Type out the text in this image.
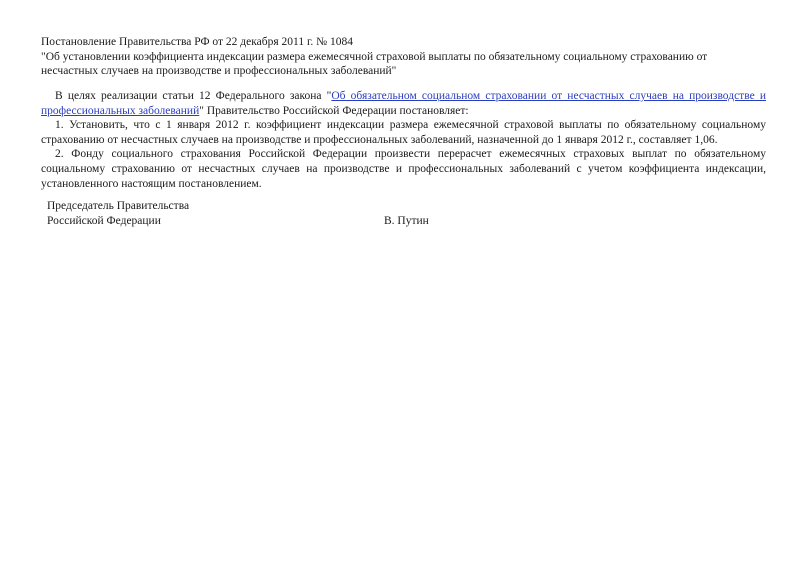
Постановление Правительства РФ от 22 декабря 2011 г. № 1084
"Об установлении коэффициента индексации размера ежемесячной страховой выплаты по обязательному социальному страхованию от несчастных случаев на производстве и профессиональных заболеваний"

В целях реализации статьи 12 Федерального закона "Об обязательном социальном страховании от несчастных случаев на производстве и профессиональных заболеваний" Правительство Российской Федерации постановляет:

1. Установить, что с 1 января 2012 г. коэффициент индексации размера ежемесячной страховой выплаты по обязательному социальному страхованию от несчастных случаев на производстве и профессиональных заболеваний, назначенной до 1 января 2012 г., составляет 1,06.

2. Фонду социального страхования Российской Федерации произвести перерасчет ежемесячных страховых выплат по обязательному социальному страхованию от несчастных случаев на производстве и профессиональных заболеваний с учетом коэффициента индексации, установленного настоящим постановлением.

Председатель Правительства
Российской Федерации	В. Путин
